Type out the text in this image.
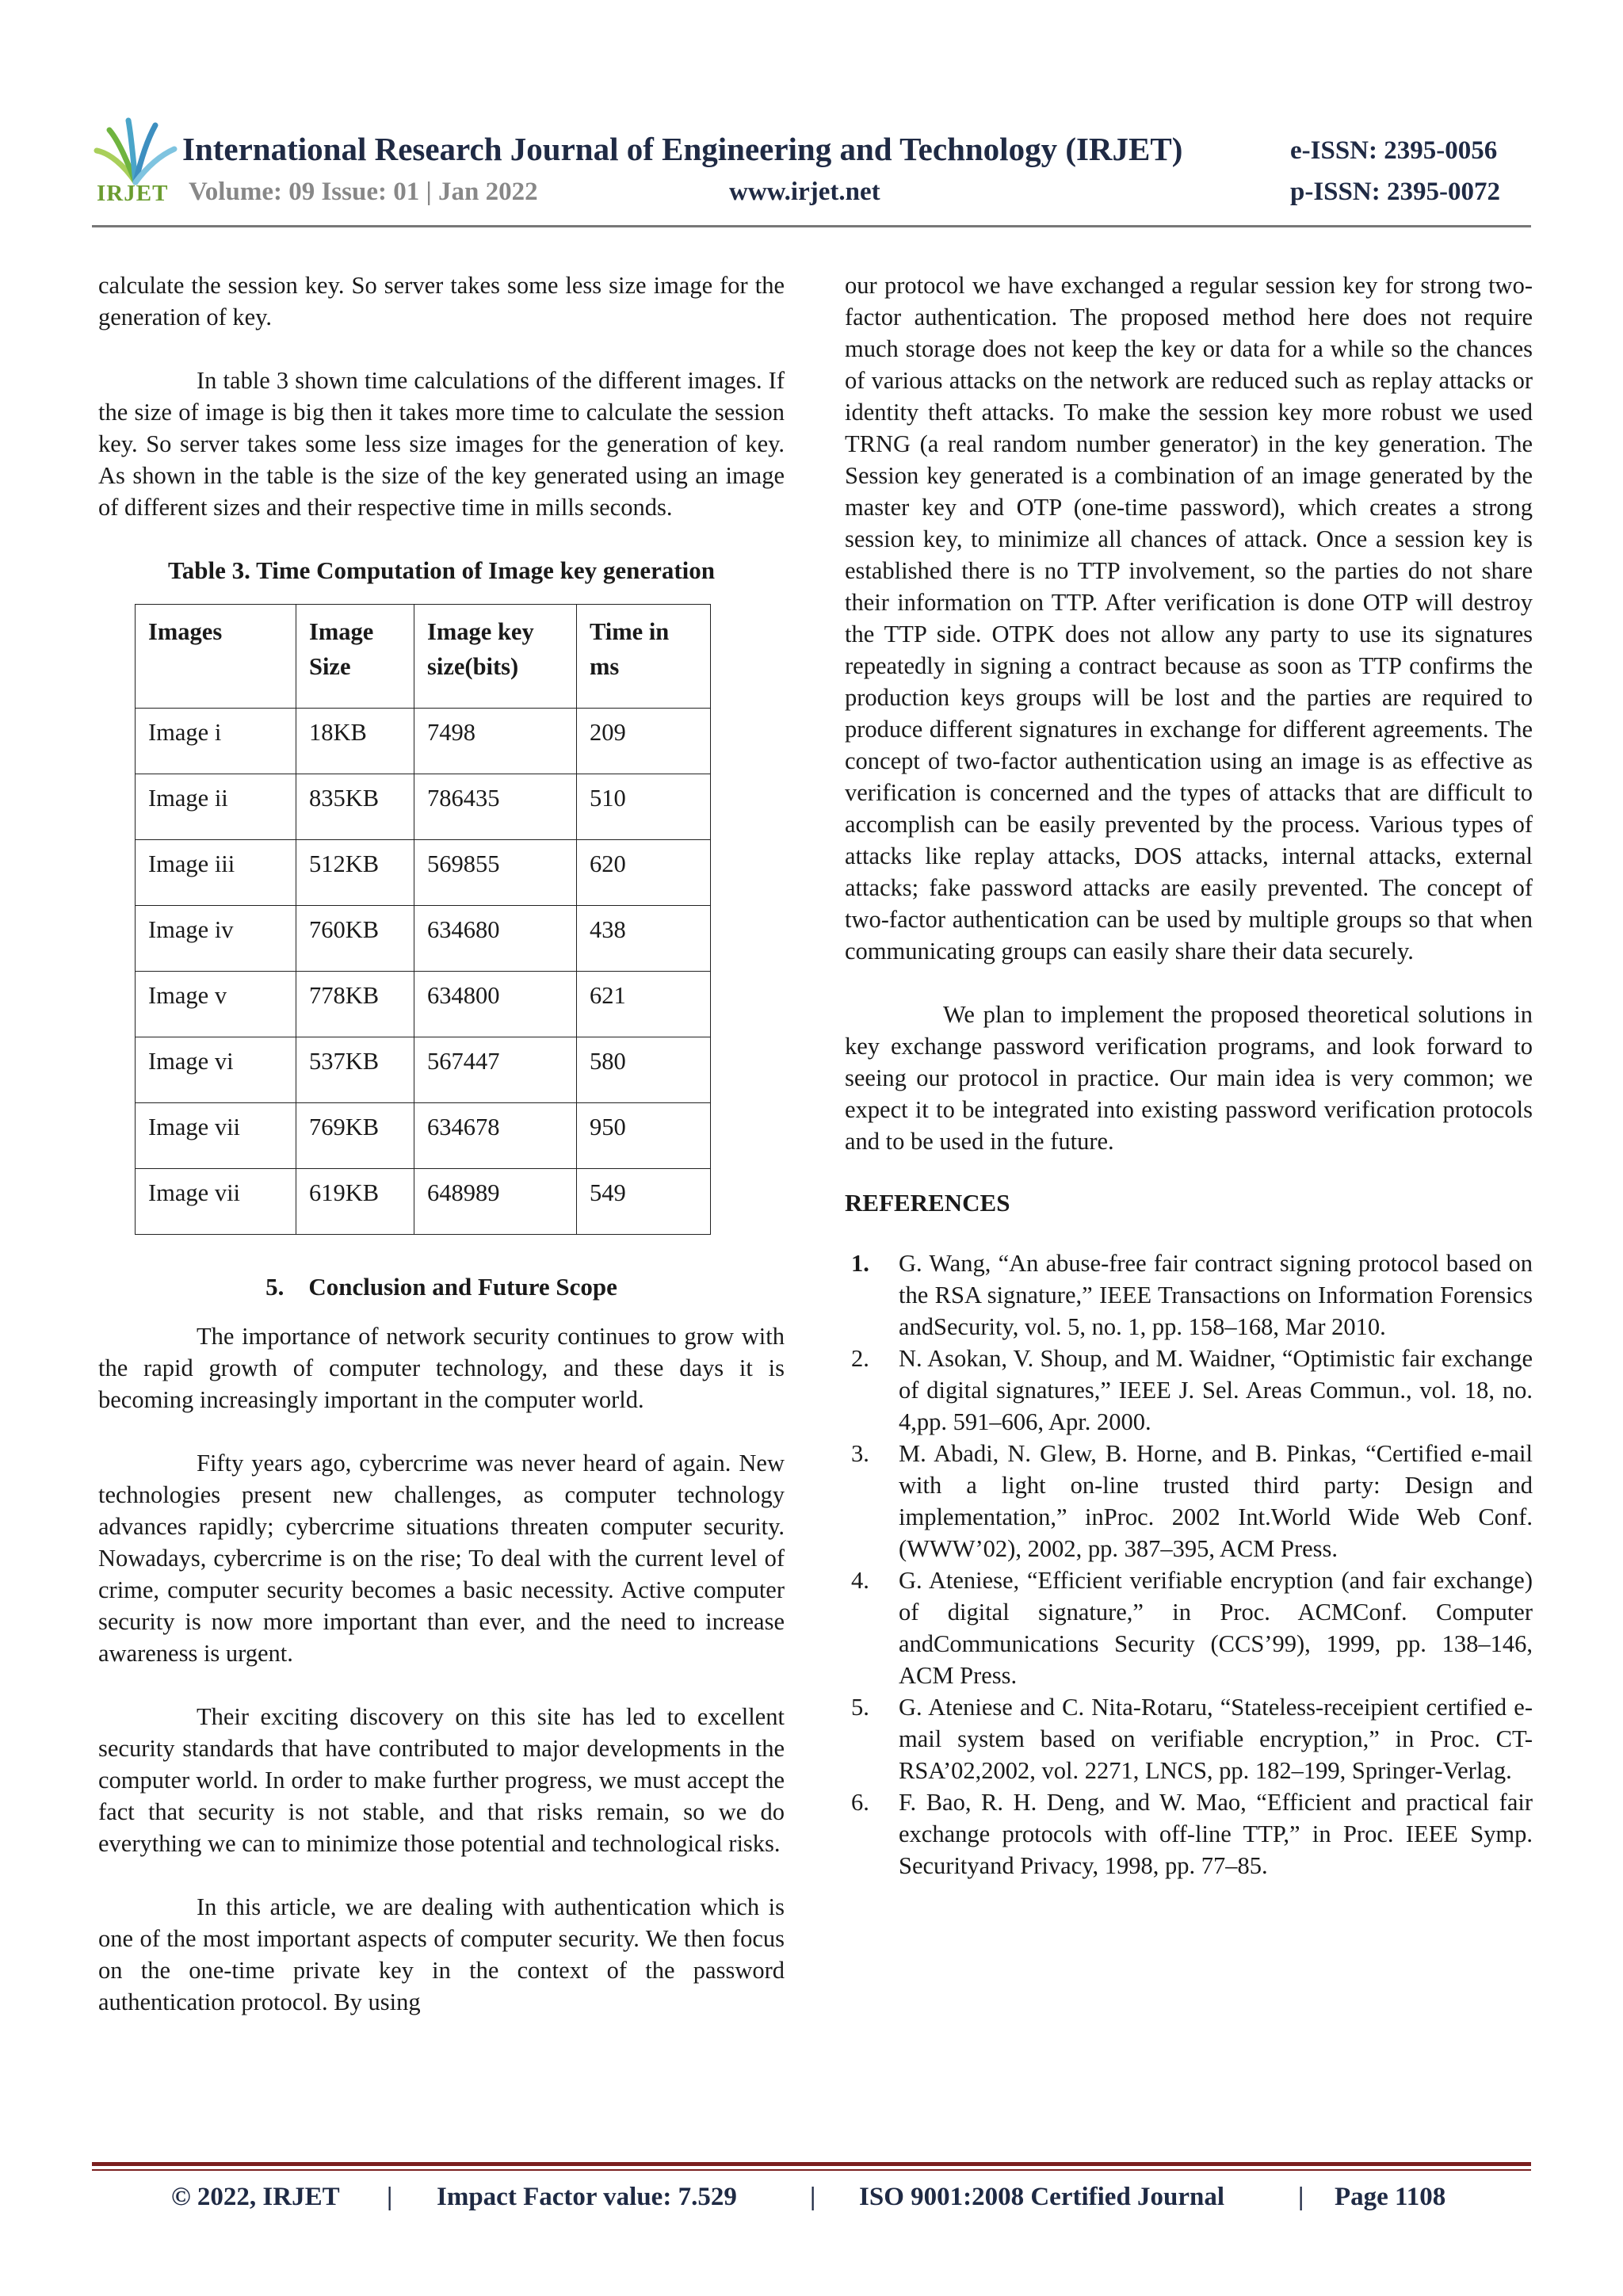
IRJET
International Research Journal of Engineering and Technology (IRJET)	e-ISSN: 2395-0056
Volume: 09 Issue: 01 | Jan 2022	www.irjet.net	p-ISSN: 2395-0072

calculate the session key. So server takes some less size image for the generation of key.

In table 3 shown time calculations of the different images. If the size of image is big then it takes more time to calculate the session key. So server takes some less size images for the generation of key. As shown in the table is the size of the key generated using an image of different sizes and their respective time in mills seconds.

Table 3. Time Computation of Image key generation
Images	Image Size	Image key size(bits)	Time in ms
Image i	18KB	7498	209
Image ii	835KB	786435	510
Image iii	512KB	569855	620
Image iv	760KB	634680	438
Image v	778KB	634800	621
Image vi	537KB	567447	580
Image vii	769KB	634678	950
Image vii	619KB	648989	549
5. Conclusion and Future Scope

The importance of network security continues to grow with the rapid growth of computer technology, and these days it is becoming increasingly important in the computer world.

Fifty years ago, cybercrime was never heard of again. New technologies present new challenges, as computer technology advances rapidly; cybercrime situations threaten computer security. Nowadays, cybercrime is on the rise; To deal with the current level of crime, computer security becomes a basic necessity. Active computer security is now more important than ever, and the need to increase awareness is urgent.

Their exciting discovery on this site has led to excellent security standards that have contributed to major developments in the computer world. In order to make further progress, we must accept the fact that security is not stable, and that risks remain, so we do everything we can to minimize those potential and technological risks.

In this article, we are dealing with authentication which is one of the most important aspects of computer security. We then focus on the one-time private key in the context of the password authentication protocol. By using

our protocol we have exchanged a regular session key for strong two-factor authentication. The proposed method here does not require much storage does not keep the key or data for a while so the chances of various attacks on the network are reduced such as replay attacks or identity theft attacks. To make the session key more robust we used TRNG (a real random number generator) in the key generation. The Session key generated is a combination of an image generated by the master key and OTP (one-time password), which creates a strong session key, to minimize all chances of attack. Once a session key is established there is no TTP involvement, so the parties do not share their information on TTP. After verification is done OTP will destroy the TTP side. OTPK does not allow any party to use its signatures repeatedly in signing a contract because as soon as TTP confirms the production keys groups will be lost and the parties are required to produce different signatures in exchange for different agreements. The concept of two-factor authentication using an image is as effective as verification is concerned and the types of attacks that are difficult to accomplish can be easily prevented by the process. Various types of attacks like replay attacks, DOS attacks, internal attacks, external attacks; fake password attacks are easily prevented. The concept of two-factor authentication can be used by multiple groups so that when communicating groups can easily share their data securely.

We plan to implement the proposed theoretical solutions in key exchange password verification programs, and look forward to seeing our protocol in practice. Our main idea is very common; we expect it to be integrated into existing password verification protocols and to be used in the future.

REFERENCES
1. G. Wang, “An abuse-free fair contract signing protocol based on the RSA signature,” IEEE Transactions on Information Forensics andSecurity, vol. 5, no. 1, pp. 158–168, Mar 2010.
2. N. Asokan, V. Shoup, and M. Waidner, “Optimistic fair exchange of digital signatures,” IEEE J. Sel. Areas Commun., vol. 18, no. 4,pp. 591–606, Apr. 2000.
3. M. Abadi, N. Glew, B. Horne, and B. Pinkas, “Certified e-mail with a light on-line trusted third party: Design and implementation,” inProc. 2002 Int.World Wide Web Conf. (WWW’02), 2002, pp. 387–395, ACM Press.
4. G. Ateniese, “Efficient verifiable encryption (and fair exchange) of digital signature,” in Proc. ACMConf. Computer andCommunications Security (CCS’99), 1999, pp. 138–146, ACM Press.
5. G. Ateniese and C. Nita-Rotaru, “Stateless-receipient certified e-mail system based on verifiable encryption,” in Proc. CT-RSA’02,2002, vol. 2271, LNCS, pp. 182–199, Springer-Verlag.
6. F. Bao, R. H. Deng, and W. Mao, “Efficient and practical fair exchange protocols with off-line TTP,” in Proc. IEEE Symp. Securityand Privacy, 1998, pp. 77–85.
© 2022, IRJET | Impact Factor value: 7.529	| ISO 9001:2008 Certified Journal	| Page 1108
